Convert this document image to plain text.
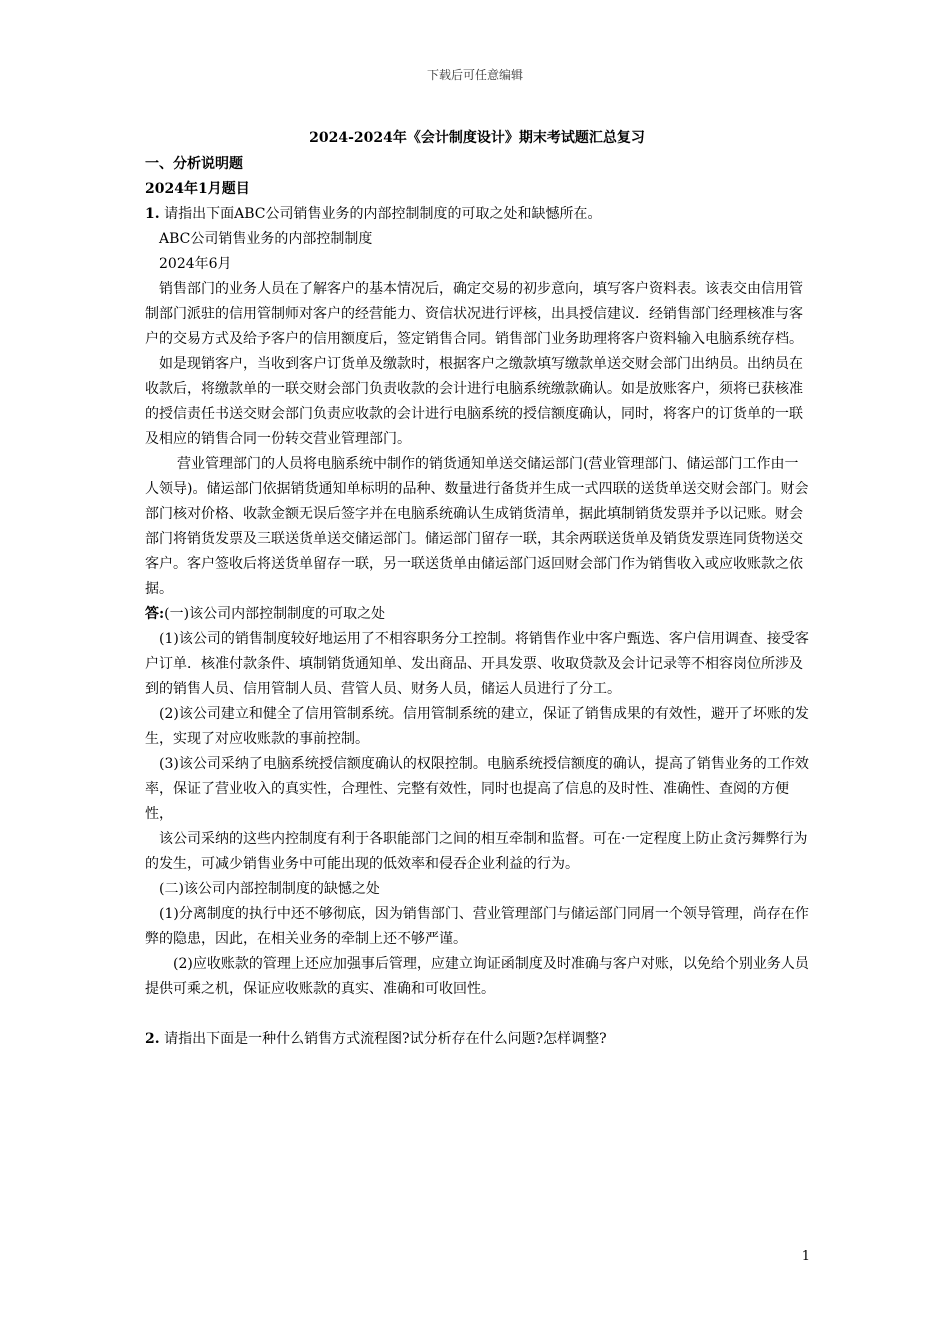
下载后可任意编辑

2024-2024年《会计制度设计》期末考试题汇总复习

一、分析说明题

2024年1月题目

1. 请指出下面ABC公司销售业务的内部控制制度的可取之处和缺憾所在。

ABC公司销售业务的内部控制制度

2024年6月

销售部门的业务人员在了解客户的基本情况后，确定交易的初步意向，填写客户资料表。该表交由信用管制部门派驻的信用管制师对客户的经营能力、资信状况进行评核，出具授信建议．经销售部门经理核准与客户的交易方式及给予客户的信用额度后，签定销售合同。销售部门业务助理将客户资料输入电脑系统存档。

如是现销客户，当收到客户订货单及缴款时，根据客户之缴款填写缴款单送交财会部门出纳员。出纳员在收款后，将缴款单的一联交财会部门负责收款的会计进行电脑系统缴款确认。如是放账客户，须将已获核准的授信责任书送交财会部门负责应收款的会计进行电脑系统的授信额度确认，同时，将客户的订货单的一联及相应的销售合同一份转交营业管理部门。

营业管理部门的人员将电脑系统中制作的销货通知单送交储运部门(营业管理部门、储运部门工作由一人领导)。储运部门依据销货通知单标明的品种、数量进行备货并生成一式四联的送货单送交财会部门。财会部门核对价格、收款金额无误后签字并在电脑系统确认生成销货清单，据此填制销货发票并予以记账。财会部门将销货发票及三联送货单送交储运部门。储运部门留存一联，其余两联送货单及销货发票连同货物送交客户。客户签收后将送货单留存一联，另一联送货单由储运部门返回财会部门作为销售收入或应收账款之依据。

答:(一)该公司内部控制制度的可取之处

(1)该公司的销售制度较好地运用了不相容职务分工控制。将销售作业中客户甄选、客户信用调查、接受客户订单．核准付款条件、填制销货通知单、发出商品、开具发票、收取贷款及会计记录等不相容岗位所涉及到的销售人员、信用管制人员、营管人员、财务人员，储运人员进行了分工。

(2)该公司建立和健全了信用管制系统。信用管制系统的建立，保证了销售成果的有效性，避开了坏账的发生，实现了对应收账款的事前控制。

(3)该公司采纳了电脑系统授信额度确认的权限控制。电脑系统授信额度的确认，提高了销售业务的工作效率，保证了营业收入的真实性，合理性、完整有效性，同时也提高了信息的及时性、准确性、查阅的方便性，

该公司采纳的这些内控制度有利于各职能部门之间的相互牵制和监督。可在·一定程度上防止贪污舞弊行为的发生，可减少销售业务中可能出现的低效率和侵吞企业利益的行为。

(二)该公司内部控制制度的缺憾之处

(1)分离制度的执行中还不够彻底，因为销售部门、营业管理部门与储运部门同屑一个领导管理，尚存在作弊的隐患，因此，在相关业务的牵制上还不够严谨。

(2)应收账款的管理上还应加强事后管理，应建立询证函制度及时准确与客户对账，以免给个别业务人员提供可乘之机，保证应收账款的真实、准确和可收回性。

2. 请指出下面是一种什么销售方式流程图?试分析存在什么问题?怎样调整?

1
